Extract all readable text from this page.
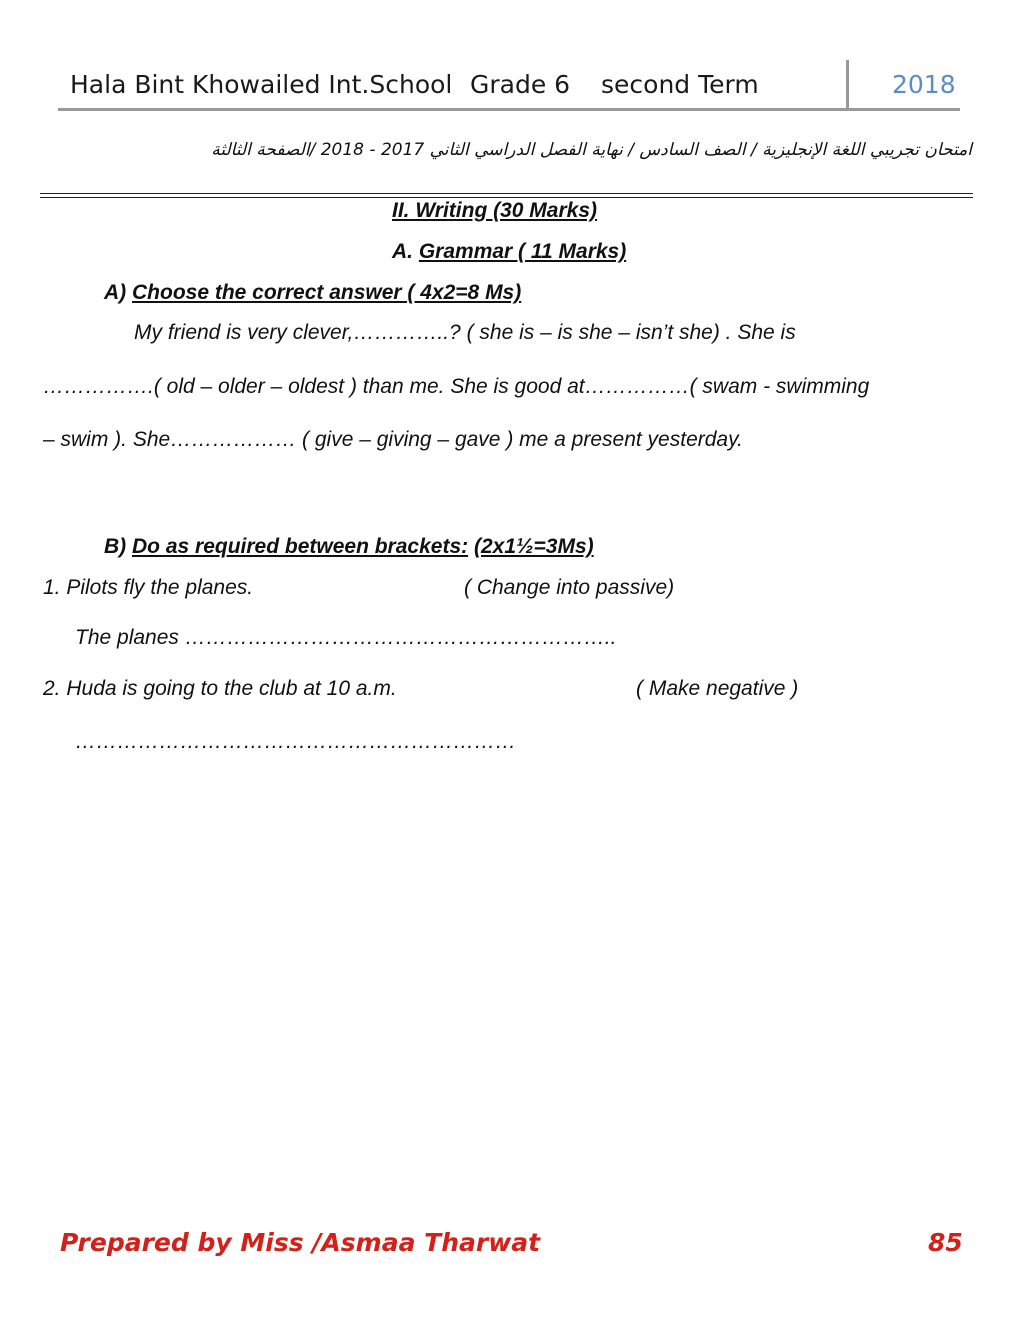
Hala Bint Khowailed Int.School Grade 6 second Term	2018
امتحان تجريبي اللغة الإنجليزية / الصف السادس / نهاية الفصل الدراسي الثاني 2017 - 2018 /الصفحة الثالثة
II. Writing (30 Marks)
A. Grammar ( 11 Marks)
A) Choose the correct answer ( 4x2=8 Ms)
My friend is very clever,…………..? ( she is – is she – isn’t she) . She is
…………….( old – older – oldest ) than me. She is good at……………( swam - swimming
– swim ). She……………… ( give – giving – gave ) me a present yesterday.
B) Do as required between brackets: (2x1½=3Ms)
1. Pilots fly the planes.	( Change into passive)
The planes ……………………………………………………..
2. Huda is going to the club at 10 a.m.	( Make negative )
………………………………………………………
Prepared by Miss /Asmaa Tharwat	85
